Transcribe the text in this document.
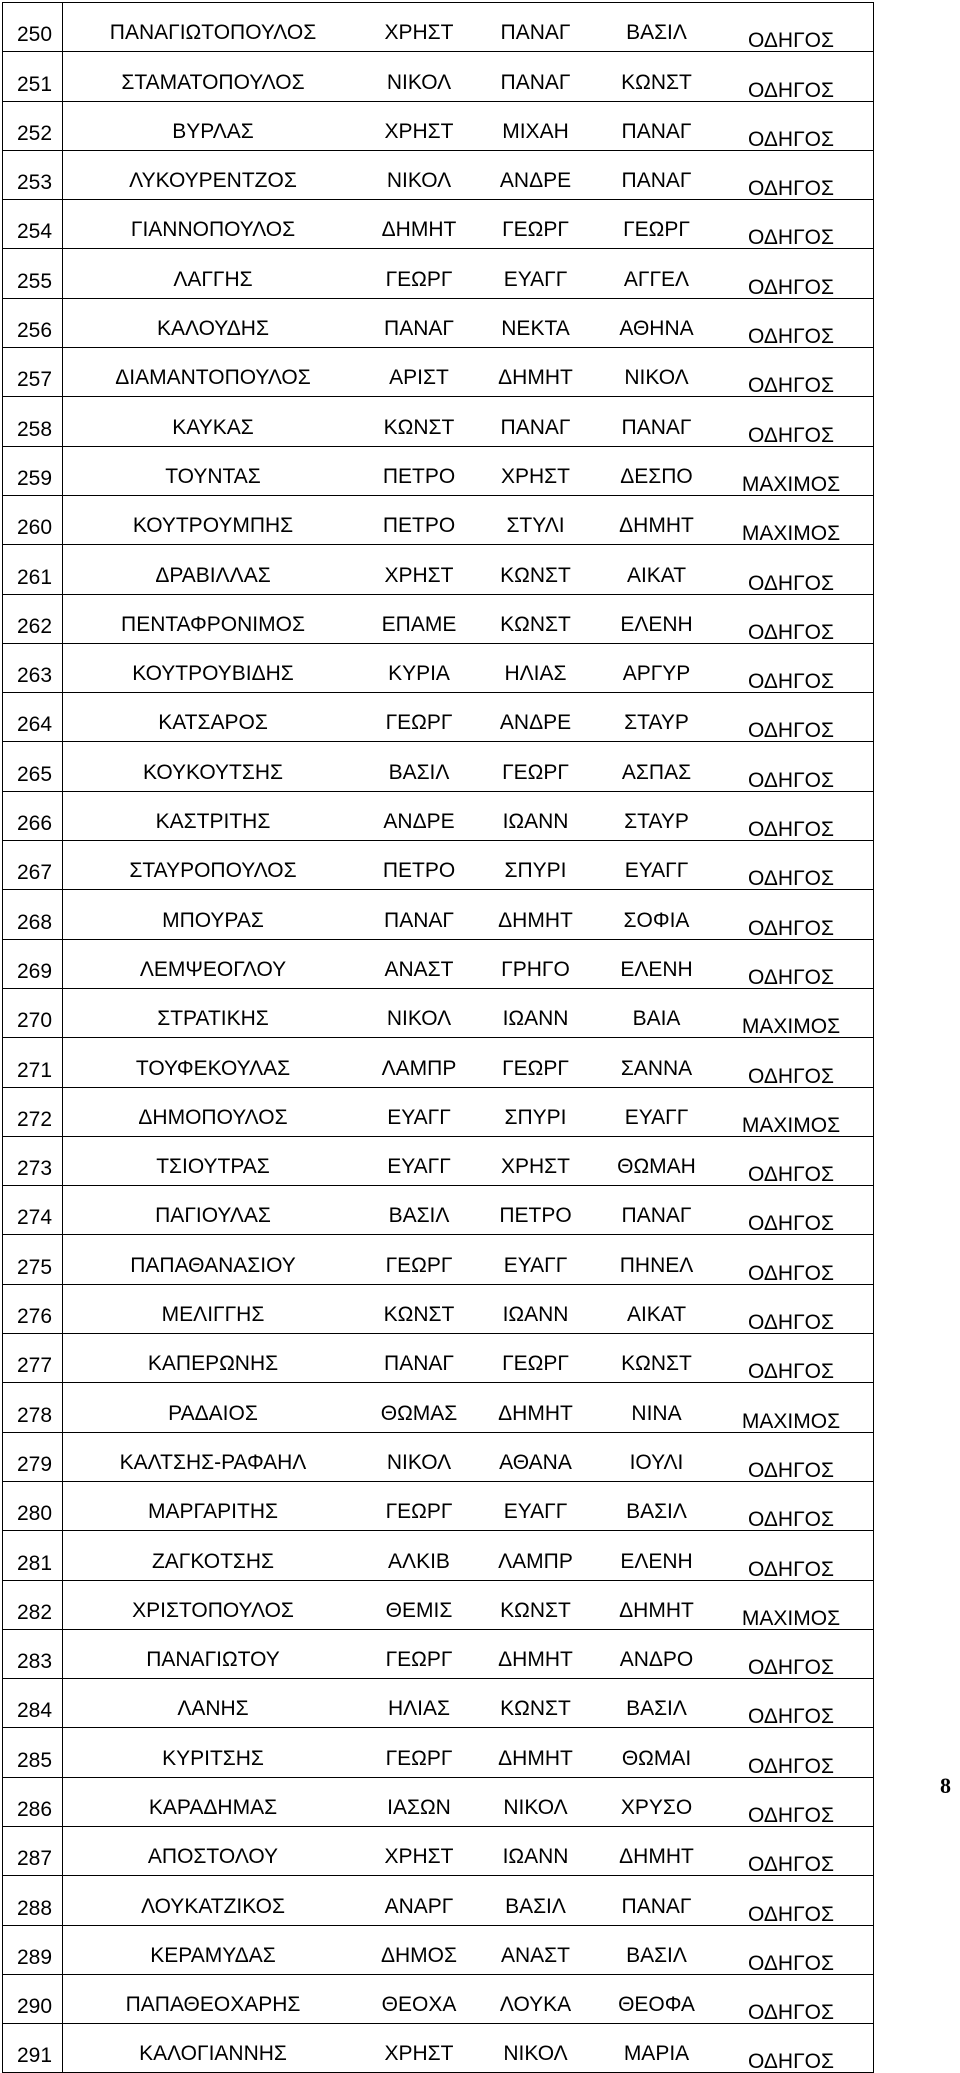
250	ΠΑΝΑΓΙΩΤΟΠΟΥΛΟΣ	ΧΡΗΣΤ	ΠΑΝΑΓ	ΒΑΣΙΛ	ΟΔΗΓΟΣ
251	ΣΤΑΜΑΤΟΠΟΥΛΟΣ	ΝΙΚΟΛ	ΠΑΝΑΓ	ΚΩΝΣΤ	ΟΔΗΓΟΣ
252	ΒΥΡΛΑΣ	ΧΡΗΣΤ	ΜΙΧΑΗ	ΠΑΝΑΓ	ΟΔΗΓΟΣ
253	ΛΥΚΟΥΡΕΝΤΖΟΣ	ΝΙΚΟΛ	ΑΝΔΡΕ	ΠΑΝΑΓ	ΟΔΗΓΟΣ
254	ΓΙΑΝΝΟΠΟΥΛΟΣ	ΔΗΜΗΤ	ΓΕΩΡΓ	ΓΕΩΡΓ	ΟΔΗΓΟΣ
255	ΛΑΓΓΗΣ	ΓΕΩΡΓ	ΕΥΑΓΓ	ΑΓΓΕΛ	ΟΔΗΓΟΣ
256	ΚΑΛΟΥΔΗΣ	ΠΑΝΑΓ	ΝΕΚΤΑ	ΑΘΗΝΑ	ΟΔΗΓΟΣ
257	ΔΙΑΜΑΝΤΟΠΟΥΛΟΣ	ΑΡΙΣΤ	ΔΗΜΗΤ	ΝΙΚΟΛ	ΟΔΗΓΟΣ
258	ΚΑΥΚΑΣ	ΚΩΝΣΤ	ΠΑΝΑΓ	ΠΑΝΑΓ	ΟΔΗΓΟΣ
259	ΤΟΥΝΤΑΣ	ΠΕΤΡΟ	ΧΡΗΣΤ	ΔΕΣΠΟ	ΜΑΧΙΜΟΣ
260	ΚΟΥΤΡΟΥΜΠΗΣ	ΠΕΤΡΟ	ΣΤΥΛΙ	ΔΗΜΗΤ	ΜΑΧΙΜΟΣ
261	ΔΡΑΒΙΛΛΑΣ	ΧΡΗΣΤ	ΚΩΝΣΤ	ΑΙΚΑΤ	ΟΔΗΓΟΣ
262	ΠΕΝΤΑΦΡΟΝΙΜΟΣ	ΕΠΑΜΕ	ΚΩΝΣΤ	ΕΛΕΝΗ	ΟΔΗΓΟΣ
263	ΚΟΥΤΡΟΥΒΙΔΗΣ	ΚΥΡΙΑ	ΗΛΙΑΣ	ΑΡΓΥΡ	ΟΔΗΓΟΣ
264	ΚΑΤΣΑΡΟΣ	ΓΕΩΡΓ	ΑΝΔΡΕ	ΣΤΑΥΡ	ΟΔΗΓΟΣ
265	ΚΟΥΚΟΥΤΣΗΣ	ΒΑΣΙΛ	ΓΕΩΡΓ	ΑΣΠΑΣ	ΟΔΗΓΟΣ
266	ΚΑΣΤΡΙΤΗΣ	ΑΝΔΡΕ	ΙΩΑΝΝ	ΣΤΑΥΡ	ΟΔΗΓΟΣ
267	ΣΤΑΥΡΟΠΟΥΛΟΣ	ΠΕΤΡΟ	ΣΠΥΡΙ	ΕΥΑΓΓ	ΟΔΗΓΟΣ
268	ΜΠΟΥΡΑΣ	ΠΑΝΑΓ	ΔΗΜΗΤ	ΣΟΦΙΑ	ΟΔΗΓΟΣ
269	ΛΕΜΨΕΟΓΛΟΥ	ΑΝΑΣΤ	ΓΡΗΓΟ	ΕΛΕΝΗ	ΟΔΗΓΟΣ
270	ΣΤΡΑΤΙΚΗΣ	ΝΙΚΟΛ	ΙΩΑΝΝ	ΒΑΙΑ	ΜΑΧΙΜΟΣ
271	ΤΟΥΦΕΚΟΥΛΑΣ	ΛΑΜΠΡ	ΓΕΩΡΓ	ΣΑΝΝΑ	ΟΔΗΓΟΣ
272	ΔΗΜΟΠΟΥΛΟΣ	ΕΥΑΓΓ	ΣΠΥΡΙ	ΕΥΑΓΓ	ΜΑΧΙΜΟΣ
273	ΤΣΙΟΥΤΡΑΣ	ΕΥΑΓΓ	ΧΡΗΣΤ	ΘΩΜΑΗ	ΟΔΗΓΟΣ
274	ΠΑΓΙΟΥΛΑΣ	ΒΑΣΙΛ	ΠΕΤΡΟ	ΠΑΝΑΓ	ΟΔΗΓΟΣ
275	ΠΑΠΑΘΑΝΑΣΙΟΥ	ΓΕΩΡΓ	ΕΥΑΓΓ	ΠΗΝΕΛ	ΟΔΗΓΟΣ
276	ΜΕΛΙΓΓΗΣ	ΚΩΝΣΤ	ΙΩΑΝΝ	ΑΙΚΑΤ	ΟΔΗΓΟΣ
277	ΚΑΠΕΡΩΝΗΣ	ΠΑΝΑΓ	ΓΕΩΡΓ	ΚΩΝΣΤ	ΟΔΗΓΟΣ
278	ΡΑΔΑΙΟΣ	ΘΩΜΑΣ	ΔΗΜΗΤ	ΝΙΝΑ	ΜΑΧΙΜΟΣ
279	ΚΑΛΤΣΗΣ-ΡΑΦΑΗΛ	ΝΙΚΟΛ	ΑΘΑΝΑ	ΙΟΥΛΙ	ΟΔΗΓΟΣ
280	ΜΑΡΓΑΡΙΤΗΣ	ΓΕΩΡΓ	ΕΥΑΓΓ	ΒΑΣΙΛ	ΟΔΗΓΟΣ
281	ΖΑΓΚΟΤΣΗΣ	ΑΛΚΙΒ	ΛΑΜΠΡ	ΕΛΕΝΗ	ΟΔΗΓΟΣ
282	ΧΡΙΣΤΟΠΟΥΛΟΣ	ΘΕΜΙΣ	ΚΩΝΣΤ	ΔΗΜΗΤ	ΜΑΧΙΜΟΣ
283	ΠΑΝΑΓΙΩΤΟΥ	ΓΕΩΡΓ	ΔΗΜΗΤ	ΑΝΔΡΟ	ΟΔΗΓΟΣ
284	ΛΑΝΗΣ	ΗΛΙΑΣ	ΚΩΝΣΤ	ΒΑΣΙΛ	ΟΔΗΓΟΣ
285	ΚΥΡΙΤΣΗΣ	ΓΕΩΡΓ	ΔΗΜΗΤ	ΘΩΜΑΙ	ΟΔΗΓΟΣ
286	ΚΑΡΑΔΗΜΑΣ	ΙΑΣΩΝ	ΝΙΚΟΛ	ΧΡΥΣΟ	ΟΔΗΓΟΣ
287	ΑΠΟΣΤΟΛΟΥ	ΧΡΗΣΤ	ΙΩΑΝΝ	ΔΗΜΗΤ	ΟΔΗΓΟΣ
288	ΛΟΥΚΑΤΖΙΚΟΣ	ΑΝΑΡΓ	ΒΑΣΙΛ	ΠΑΝΑΓ	ΟΔΗΓΟΣ
289	ΚΕΡΑΜΥΔΑΣ	ΔΗΜΟΣ	ΑΝΑΣΤ	ΒΑΣΙΛ	ΟΔΗΓΟΣ
290	ΠΑΠΑΘΕΟΧΑΡΗΣ	ΘΕΟΧΑ	ΛΟΥΚΑ	ΘΕΟΦΑ	ΟΔΗΓΟΣ
291	ΚΑΛΟΓΙΑΝΝΗΣ	ΧΡΗΣΤ	ΝΙΚΟΛ	ΜΑΡΙΑ	ΟΔΗΓΟΣ
8
